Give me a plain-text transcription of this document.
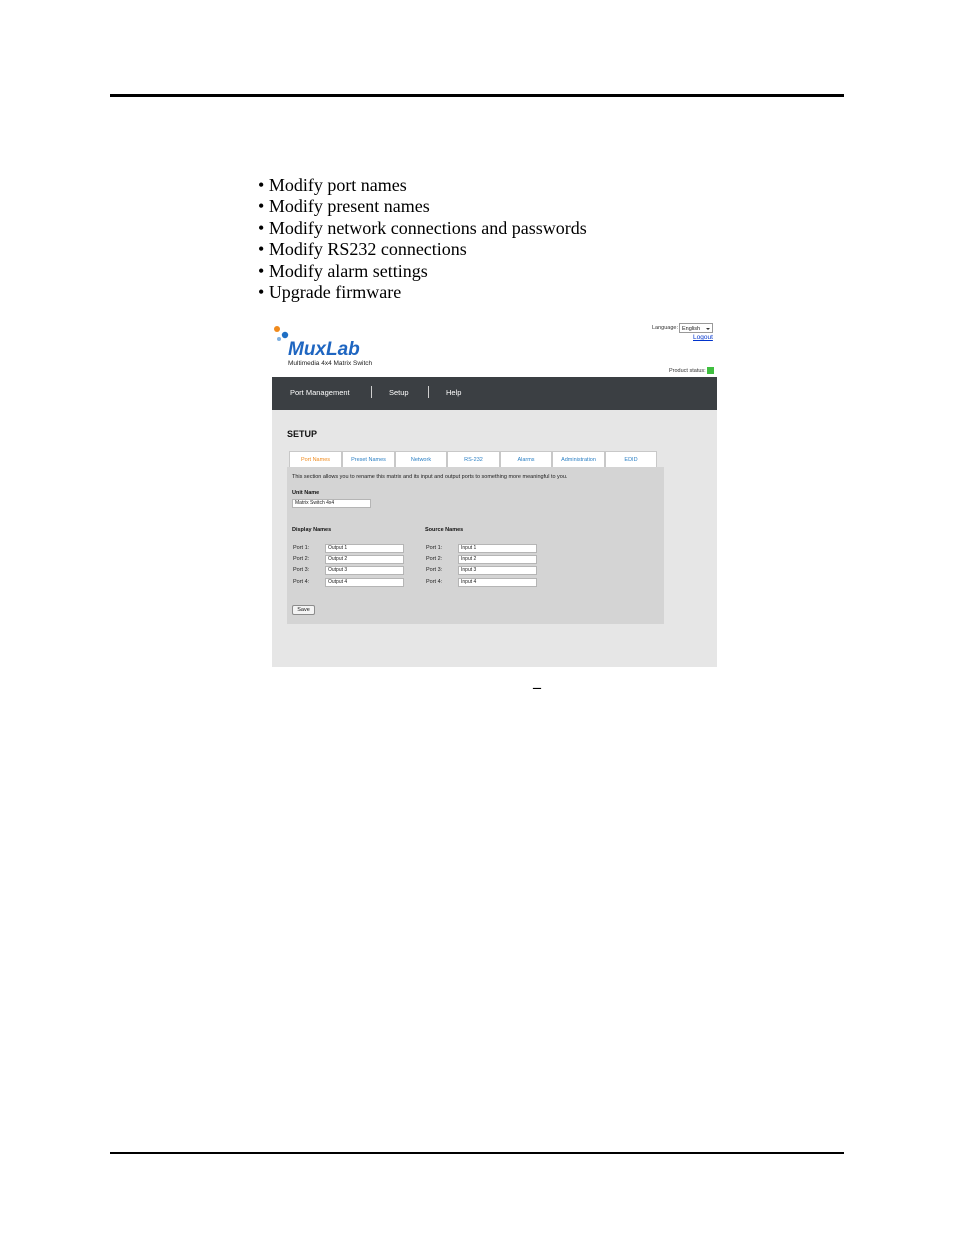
• Modify port names
• Modify present names
• Modify network connections and passwords
• Modify RS232 connections
• Modify alarm settings
• Upgrade firmware
MuxLab
Multimedia 4x4 Matrix Switch
Language: English
Logout
Product status:
Port Management	Setup	Help
SETUP
Port Names	Preset Names	Network	RS-232	Alarms	Administration	EDID
This section allows you to rename this matrix and its input and output ports to something more meaningful to you.
Unit Name
Matrix Switch 4x4
Display Names	Source Names
Port 1:	Output 1
Port 2:	Output 2
Port 3:	Output 3
Port 4:	Output 4
Port 1:	Input 1
Port 2:	Input 2
Port 3:	Input 3
Port 4:	Input 4
Save
–
